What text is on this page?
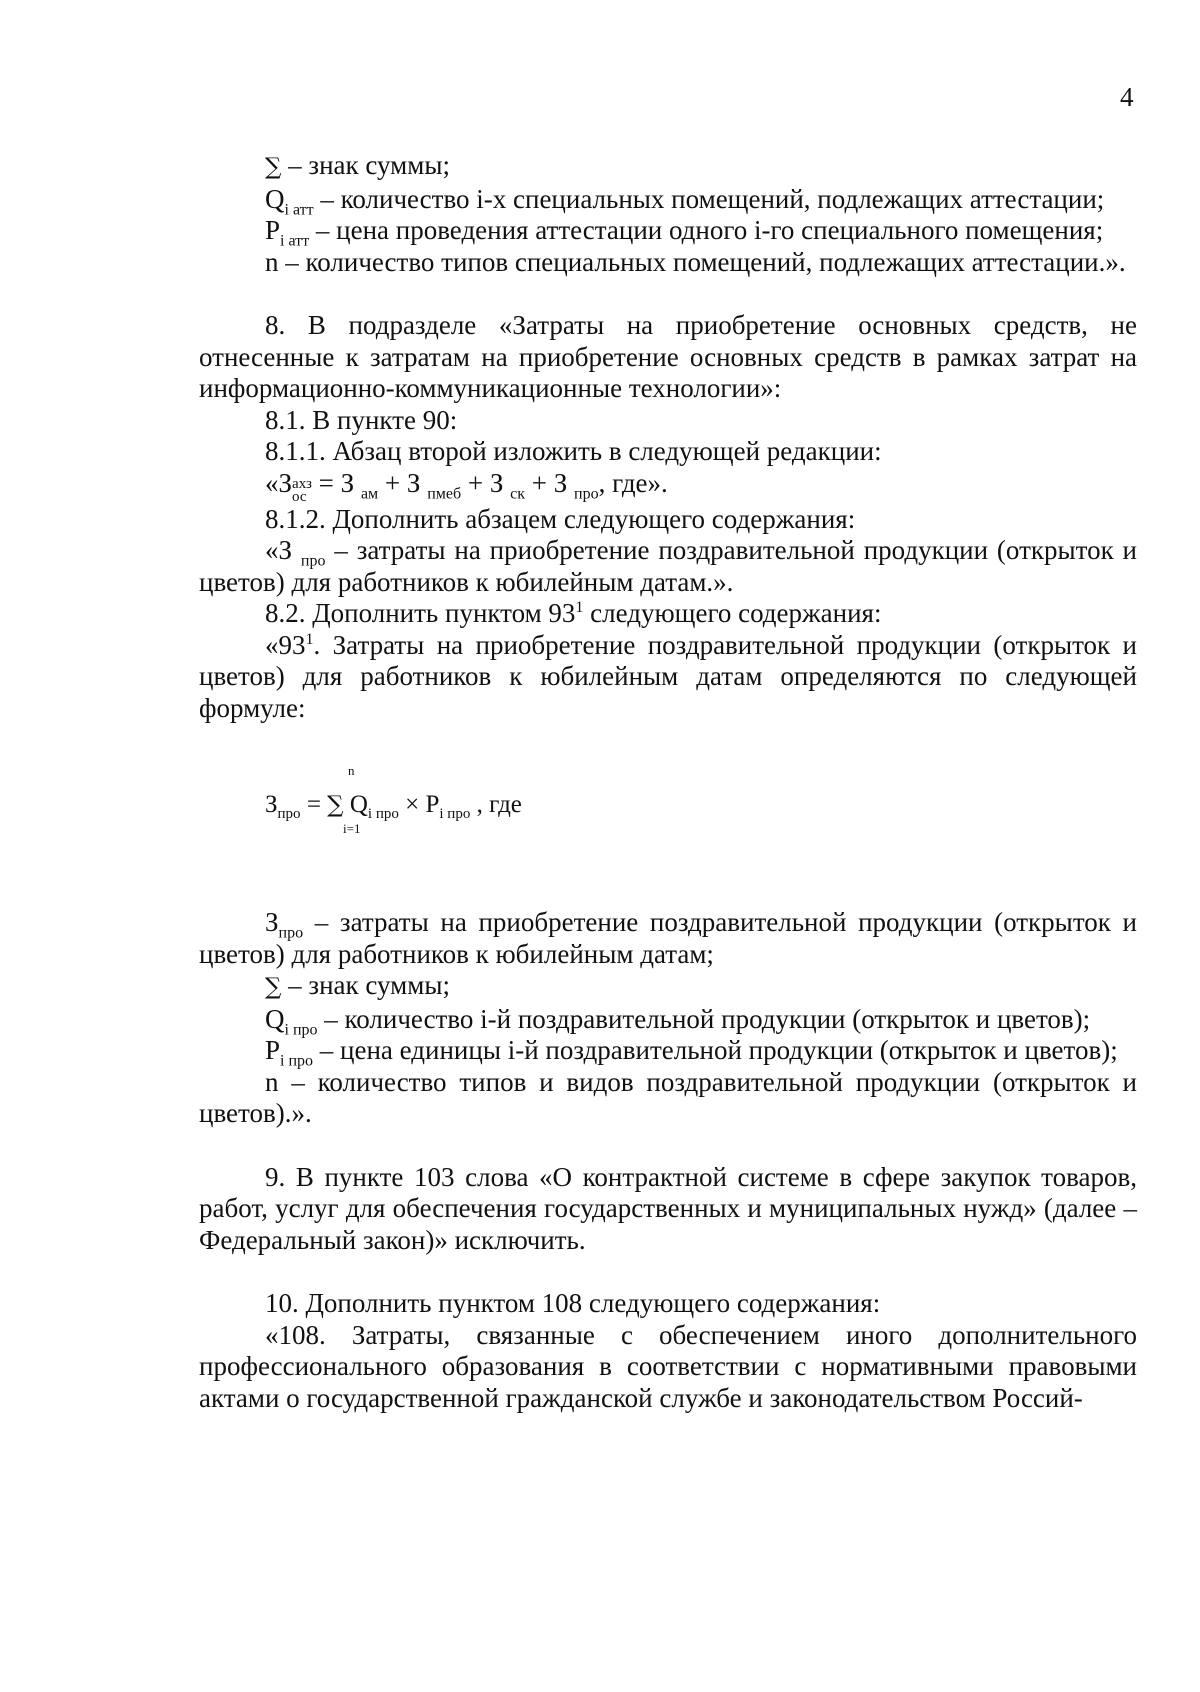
4

∑ – знак суммы;

$Q_{i атт}$ – количество i-х специальных помещений, подлежащих аттестации;

$P_{i атт}$ – цена проведения аттестации одного i-го специального помещения;

n – количество типов специальных помещений, подлежащих аттестации.».

8. В подразделе «Затраты на приобретение основных средств, не отнесенные к затратам на приобретение основных средств в рамках затрат на информационно-коммуникационные технологии»:

8.1. В пункте 90:

8.1.1. Абзац второй изложить в следующей редакции:

«З ахз
ос = З $_{ам}$ + З $_{пмеб}$ + З $_{ск}$ + З $_{про}$, где».

8.1.2. Дополнить абзацем следующего содержания:

«З $_{про}$ – затраты на приобретение поздравительной продукции (открыток и цветов) для работников к юбилейным датам.».

8.2. Дополнить пунктом $93^1$ следующего содержания:

«$93^1$. Затраты на приобретение поздравительной продукции (открыток и цветов) для работников к юбилейным датам определяются по следующей формуле:

n
$З_{про}$ = ∑ $Q_{i про} \times P_{i про}$ , где
i=1

$З_{про}$ – затраты на приобретение поздравительной продукции (открыток и цветов) для работников к юбилейным датам;

∑ – знак суммы;

$Q_{i про}$ – количество i-й поздравительной продукции (открыток и цветов);

$P_{i про}$ – цена единицы i-й поздравительной продукции (открыток и цветов);

n – количество типов и видов поздравительной продукции (открыток и цветов).».

9. В пункте 103 слова «О контрактной системе в сфере закупок товаров, работ, услуг для обеспечения государственных и муниципальных нужд» (далее – Федеральный закон)» исключить.

10. Дополнить пунктом 108 следующего содержания:

«108. Затраты, связанные с обеспечением иного дополнительного профессионального образования в соответствии с нормативными правовыми актами о государственной гражданской службе и законодательством Россий-
